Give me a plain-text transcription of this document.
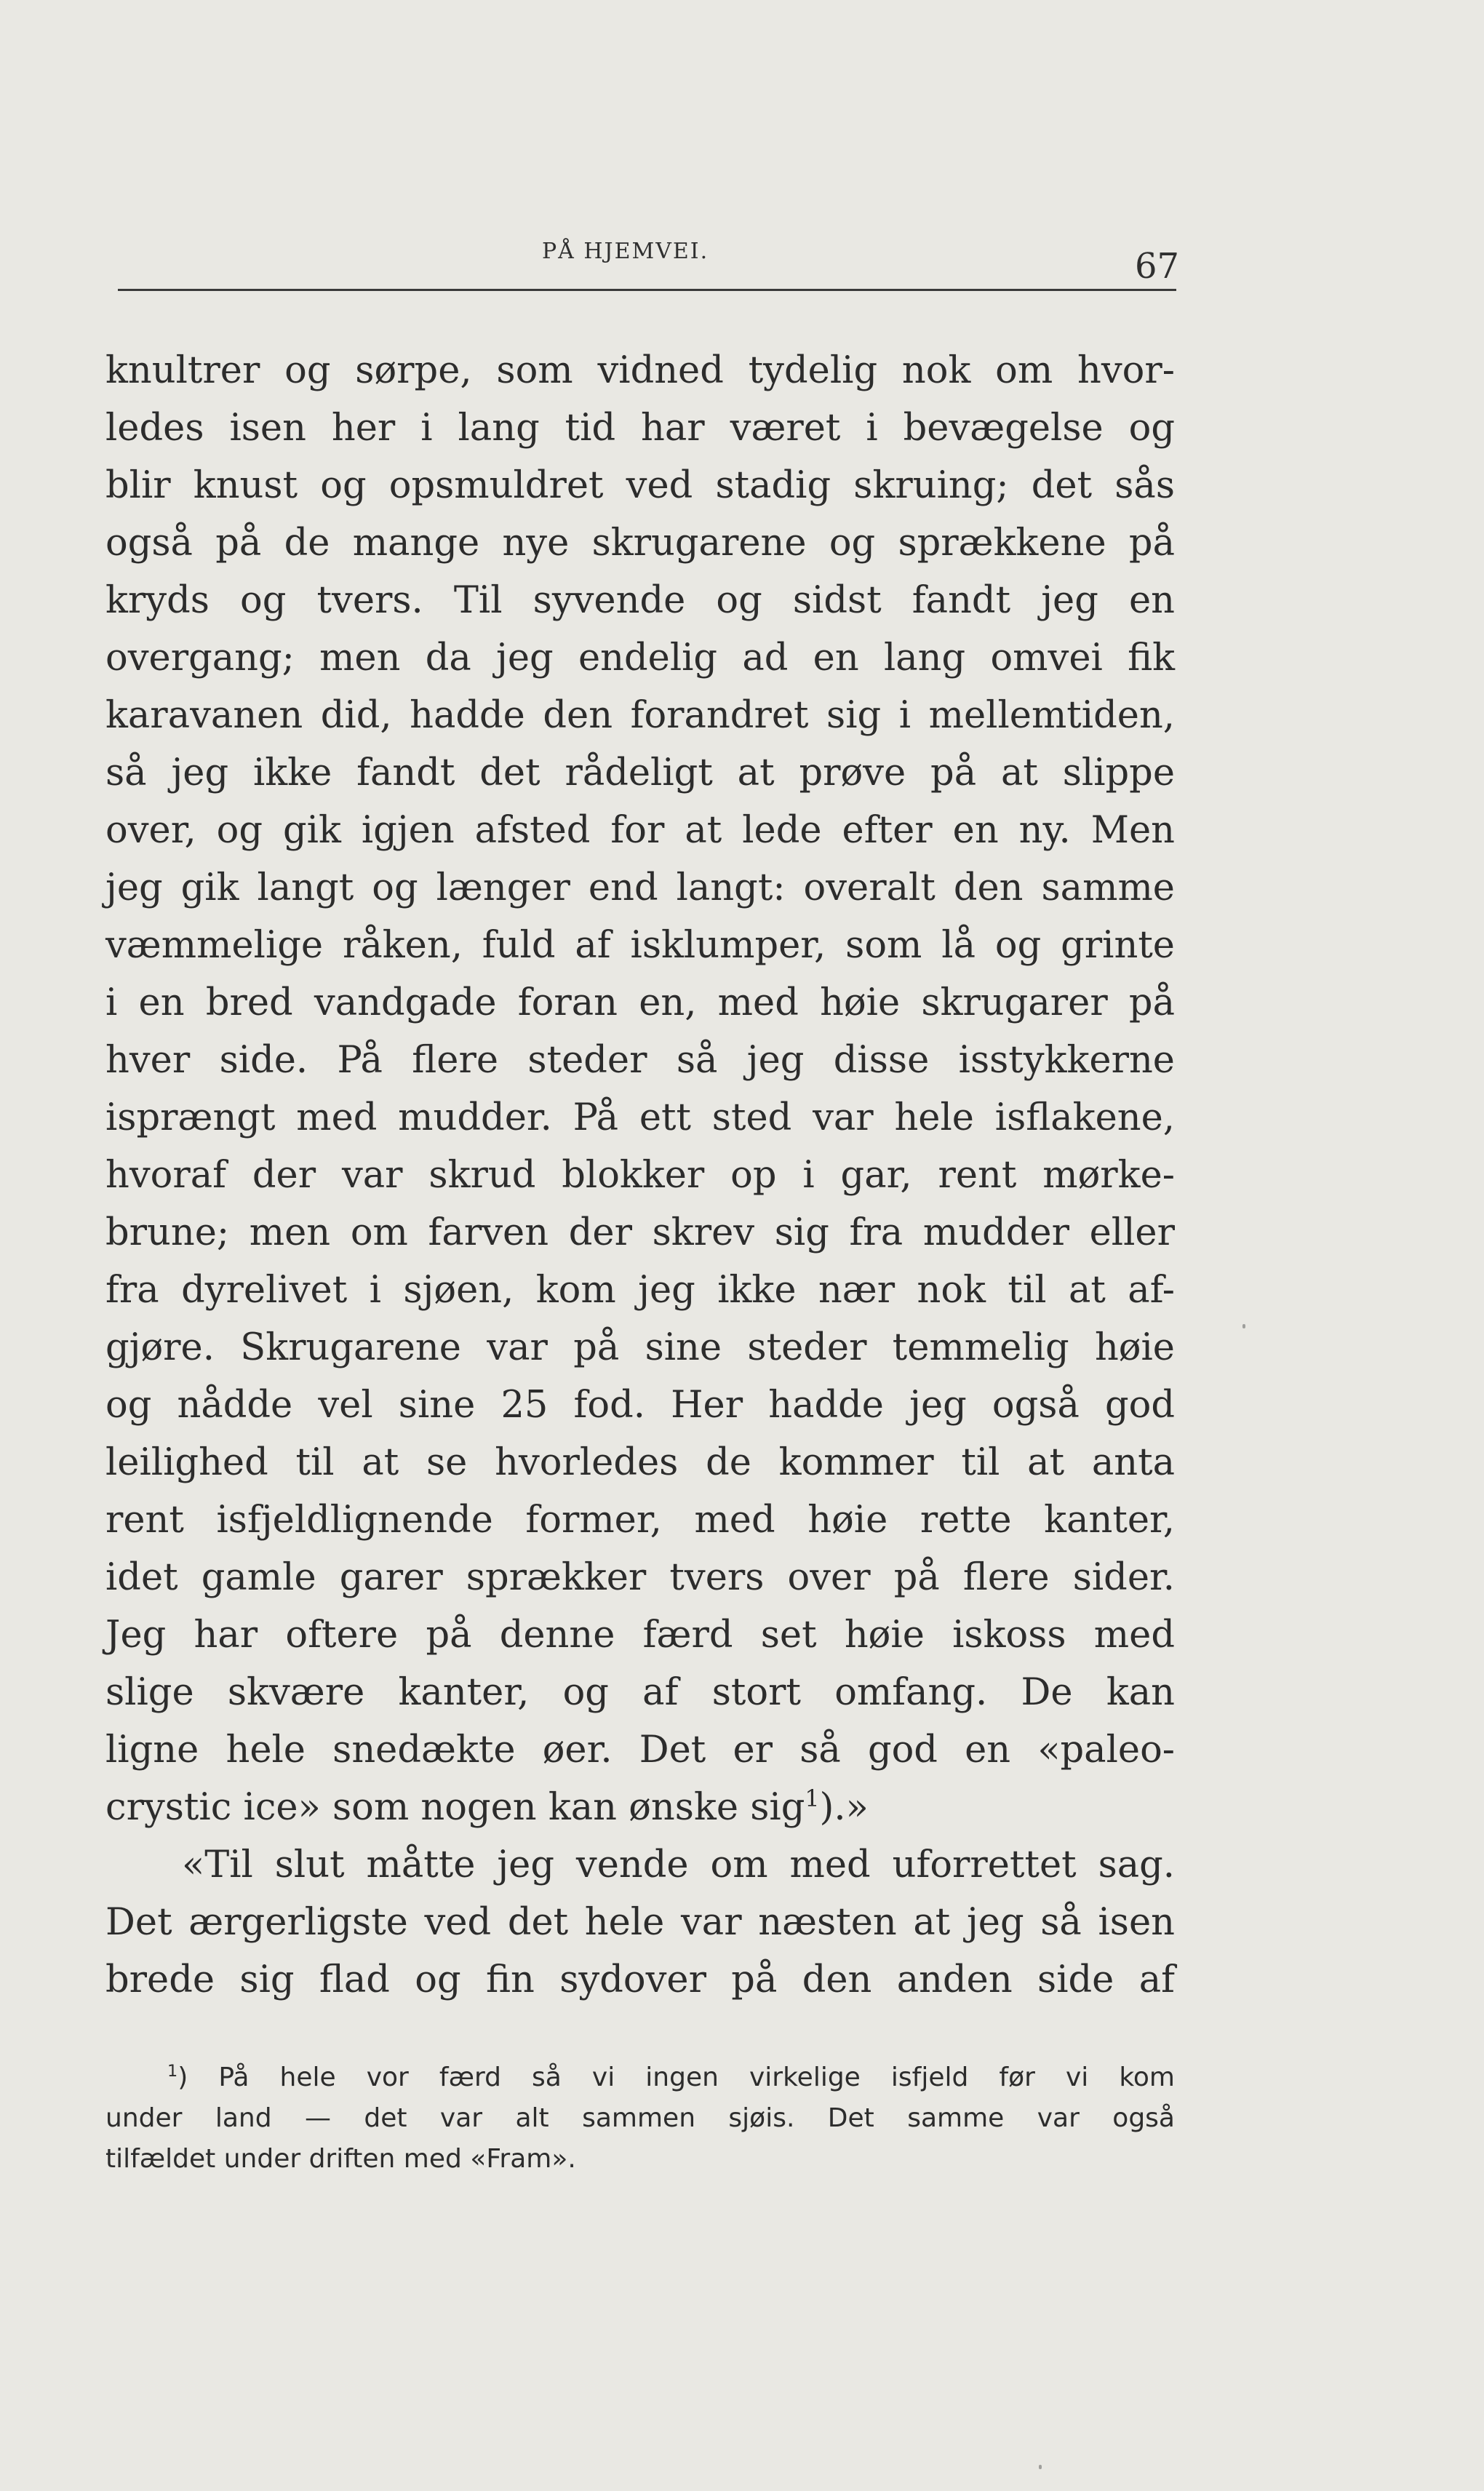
PÅ HJEMVEI.	67
knultrer og sørpe, som vidned tydelig nok om hvor-
ledes isen her i lang tid har været i bevægelse og
blir knust og opsmuldret ved stadig skruing; det sås
også på de mange nye skrugarene og sprækkene på
kryds og tvers. Til syvende og sidst fandt jeg en
overgang; men da jeg endelig ad en lang omvei fik
karavanen did, hadde den forandret sig i mellemtiden,
så jeg ikke fandt det rådeligt at prøve på at slippe
over, og gik igjen afsted for at lede efter en ny. Men
jeg gik langt og længer end langt: overalt den samme
væmmelige råken, fuld af isklumper, som lå og grinte
i en bred vandgade foran en, med høie skrugarer på
hver side. På flere steder så jeg disse isstykkerne
isprængt med mudder. På ett sted var hele isflakene,
hvoraf der var skrud blokker op i gar, rent mørke-
brune; men om farven der skrev sig fra mudder eller
fra dyrelivet i sjøen, kom jeg ikke nær nok til at af-
gjøre. Skrugarene var på sine steder temmelig høie
og nådde vel sine 25 fod. Her hadde jeg også god
leilighed til at se hvorledes de kommer til at anta
rent isfjeldlignende former, med høie rette kanter,
idet gamle garer sprækker tvers over på flere sider.
Jeg har oftere på denne færd set høie iskoss med
slige skvære kanter, og af stort omfang. De kan
ligne hele snedækte øer. Det er så god en «paleo-
crystic ice» som nogen kan ønske sig$^1$).»
«Til slut måtte jeg vende om med uforrettet sag.
Det ærgerligste ved det hele var næsten at jeg så isen
brede sig flad og fin sydover på den anden side af
$^1$) På hele vor færd så vi ingen virkelige isfjeld før vi kom
under land — det var alt sammen sjøis. Det samme var også
tilfældet under driften med «Fram».
